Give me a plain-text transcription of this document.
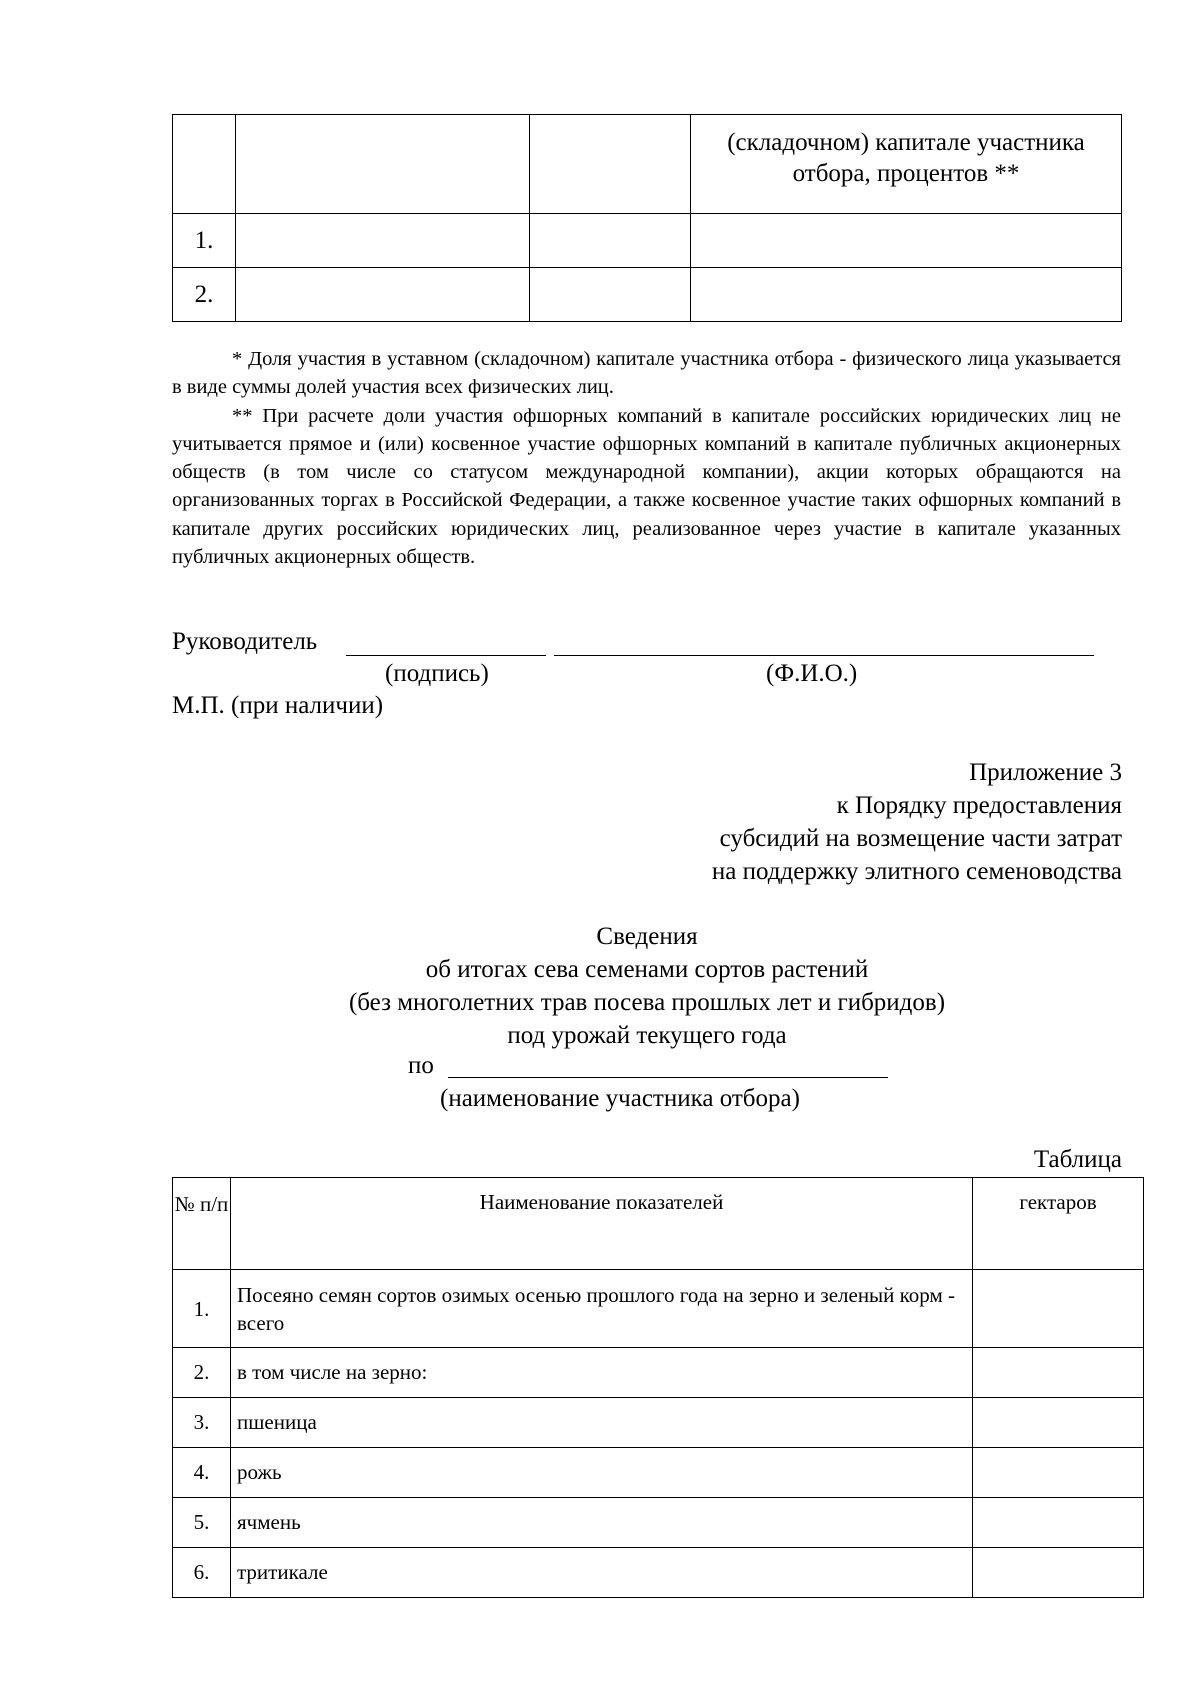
			(складочном) капитале участника отбора, процентов **
1.			
2.			

* Доля участия в уставном (складочном) капитале участника отбора - физического лица указывается в виде суммы долей участия всех физических лиц.

** При расчете доли участия офшорных компаний в капитале российских юридических лиц не учитывается прямое и (или) косвенное участие офшорных компаний в капитале публичных акционерных обществ (в том числе со статусом международной компании), акции которых обращаются на организованных торгах в Российской Федерации, а также косвенное участие таких офшорных компаний в капитале других российских юридических лиц, реализованное через участие в капитале указанных публичных акционерных обществ.

Руководитель
(подпись)	(Ф.И.О.)
М.П. (при наличии)
Приложение 3
к Порядку предоставления
субсидий на возмещение части затрат
на поддержку элитного семеноводства
Сведения
об итогах сева семенами сортов растений
(без многолетних трав посева прошлых лет и гибридов)
под урожай текущего года
по
(наименование участника отбора)
Таблица
№ п/п	Наименование показателей	гектаров
1.	Посеяно семян сортов озимых осенью прошлого года на зерно и зеленый корм - всего	
2.	в том числе на зерно:	
3.	пшеница	
4.	рожь	
5.	ячмень	
6.	тритикале	
